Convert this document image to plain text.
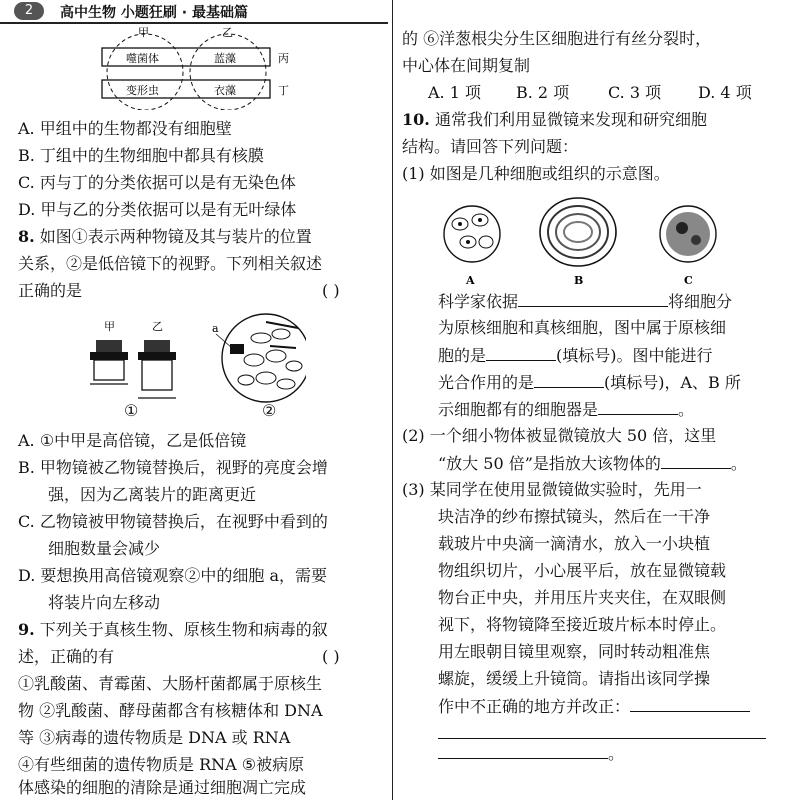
2	高中生物 小题狂刷 · 最基础篇
甲	乙
丙
丁
噬菌体	蓝藻
变形虫	衣藻
A. 甲组中的生物都没有细胞壁
B. 丁组中的生物细胞中都具有核膜
C. 丙与丁的分类依据可以是有无染色体
D. 甲与乙的分类依据可以是有无叶绿体
8. 如图①表示两种物镜及其与装片的位置
关系，②是低倍镜下的视野。下列相关叙述
正确的是	( )
甲	乙	a
①	②
A. ①中甲是高倍镜，乙是低倍镜
B. 甲物镜被乙物镜替换后，视野的亮度会增
强，因为乙离装片的距离更近
C. 乙物镜被甲物镜替换后，在视野中看到的
细胞数量会减少
D. 要想换用高倍镜观察②中的细胞 a，需要
将装片向左移动
9. 下列关于真核生物、原核生物和病毒的叙
述，正确的有	( )
①乳酸菌、青霉菌、大肠杆菌都属于原核生
物 ②乳酸菌、酵母菌都含有核糖体和 DNA
等 ③病毒的遗传物质是 DNA 或 RNA
④有些细菌的遗传物质是 RNA ⑤被病原
体感染的细胞的清除是通过细胞凋亡完成
的 ⑥洋葱根尖分生区细胞进行有丝分裂时，
中心体在间期复制
A. 1 项 B. 2 项 C. 3 项 D. 4 项
10. 通常我们利用显微镜来发现和研究细胞
结构。请回答下列问题：
(1) 如图是几种细胞或组织的示意图。
A	B	C
科学家依据	将细胞分
为原核细胞和真核细胞，图中属于原核细
胞的是	(填标号)。图中能进行
光合作用的是	(填标号)，A、B 所
示细胞都有的细胞器是	。
(2) 一个细小物体被显微镜放大 50 倍，这里
“放大 50 倍”是指放大该物体的	。
(3) 某同学在使用显微镜做实验时，先用一
块洁净的纱布擦拭镜头，然后在一干净
载玻片中央滴一滴清水，放入一小块植
物组织切片，小心展平后，放在显微镜载
物台正中央，并用压片夹夹住，在双眼侧
视下，将物镜降至接近玻片标本时停止。
用左眼朝目镜里观察，同时转动粗准焦
螺旋，缓缓上升镜筒。请指出该同学操
作中不正确的地方并改正：
。
